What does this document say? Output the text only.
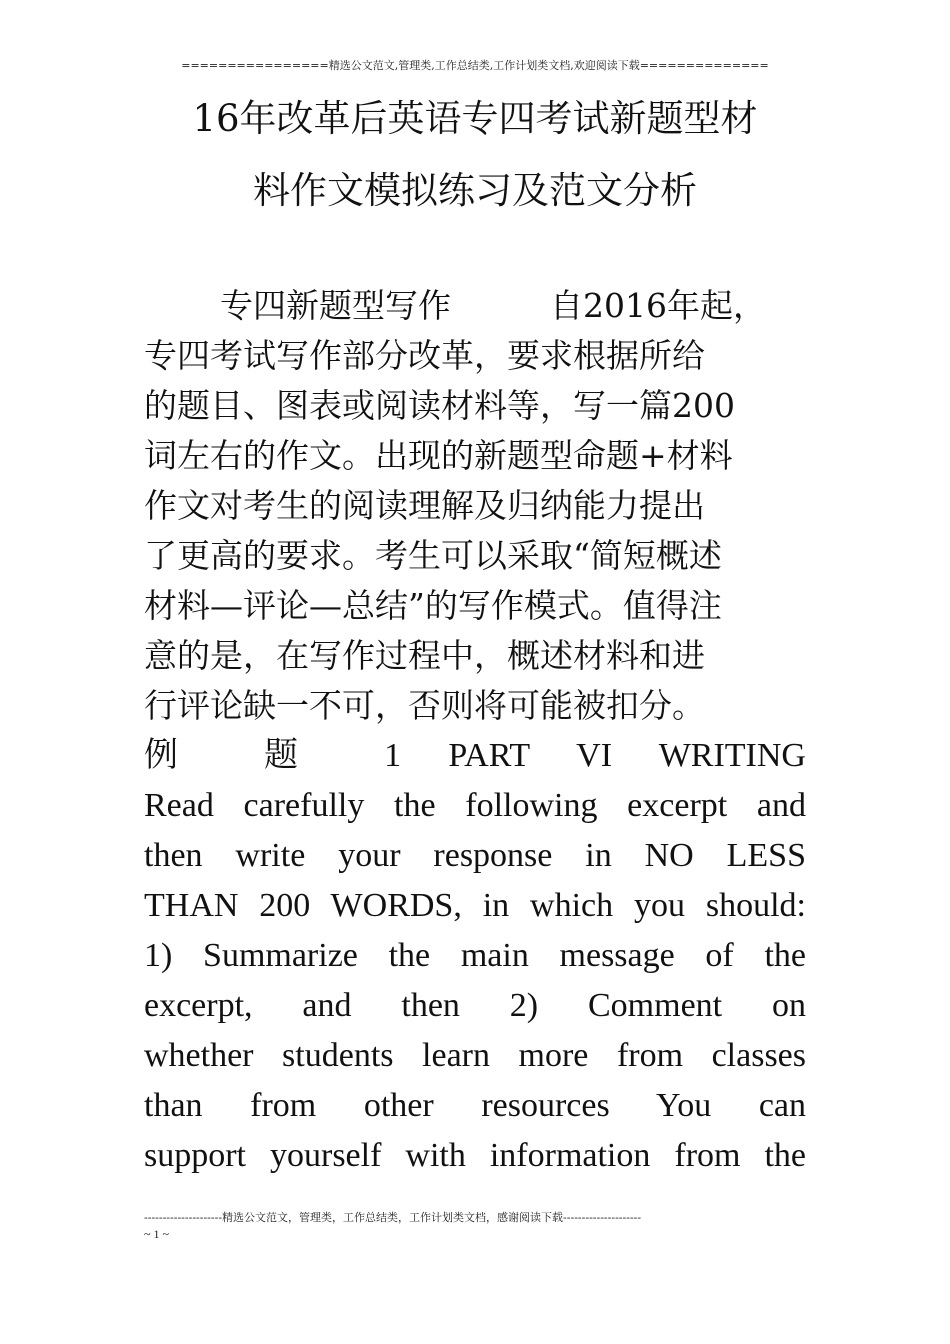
================精选公文范文,管理类,工作总结类,工作计划类文档,欢迎阅读下载==============
16年改革后英语专四考试新题型材
料作文模拟练习及范文分析
专四新题型写作　　　自2016年起，
专四考试写作部分改革，要求根据所给
的题目、图表或阅读材料等，写一篇200
词左右的作文。出现的新题型命题+材料
作文对考生的阅读理解及归纳能力提出
了更高的要求。考生可以采取“简短概述
材料—评论—总结”的写作模式。值得注
意的是，在写作过程中，概述材料和进
行评论缺一不可，否则将可能被扣分。
例 题 1 PART VI WRITING
Read carefully the following excerpt and
then write your response in NO LESS
THAN 200 WORDS, in which you should:
1) Summarize the main message of the
excerpt, and then 2) Comment on
whether students learn more from classes
than from other resources You can
support yourself with information from the
---------------------精选公文范文，管理类，工作总结类，工作计划类文档，感谢阅读下载---------------------
~ 1 ~
